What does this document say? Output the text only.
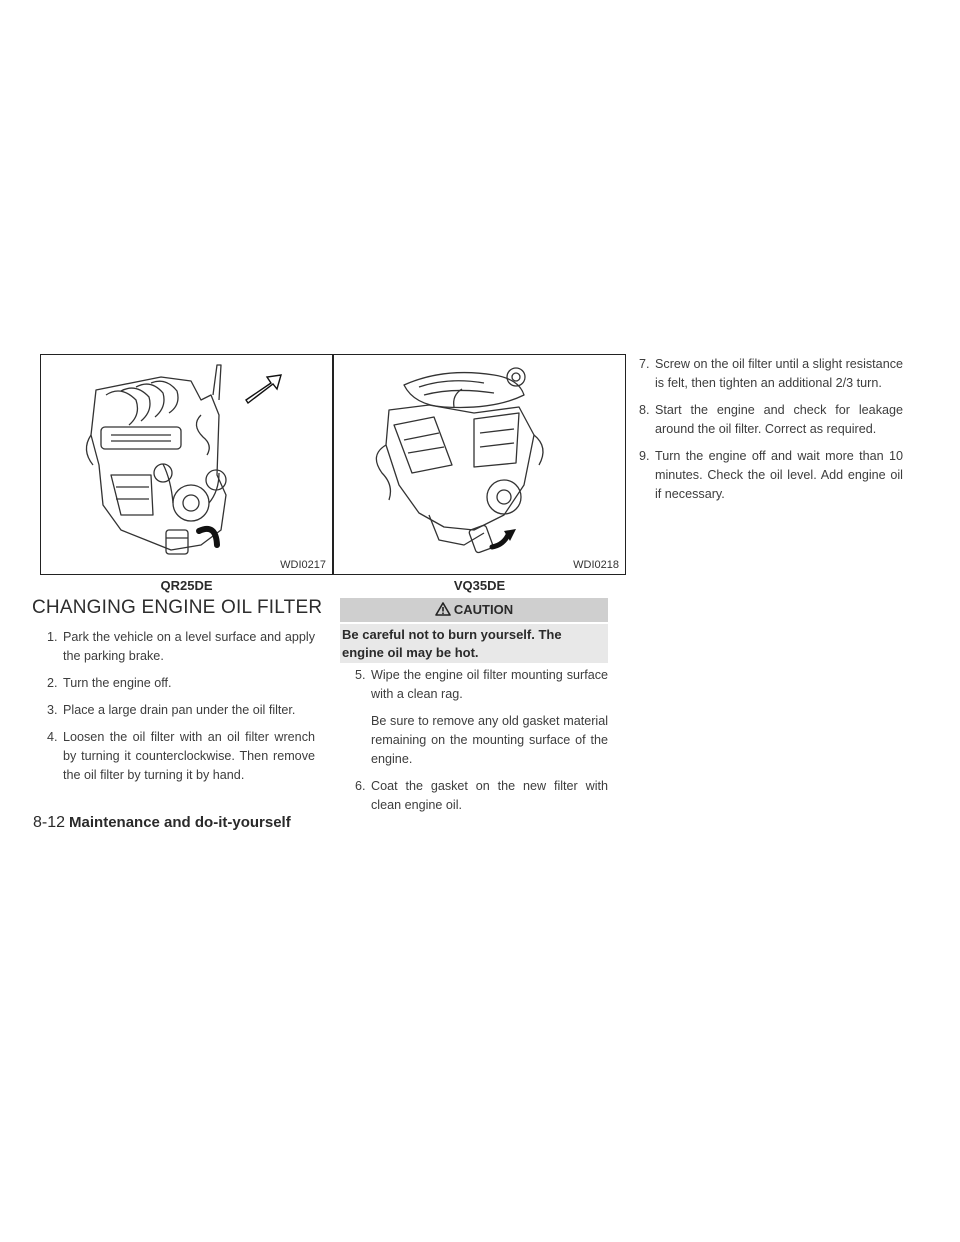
WDI0217
QR25DE
WDI0218
VQ35DE
CHANGING ENGINE OIL FILTER
1. Park the vehicle on a level surface and apply the parking brake.
2. Turn the engine off.
3. Place a large drain pan under the oil filter.
4. Loosen the oil filter with an oil filter wrench by turning it counterclockwise. Then remove the oil filter by turning it by hand.
CAUTION
Be careful not to burn yourself. The engine oil may be hot.
5. Wipe the engine oil filter mounting surface with a clean rag.
Be sure to remove any old gasket material remaining on the mounting surface of the engine.
6. Coat the gasket on the new filter with clean engine oil.
7. Screw on the oil filter until a slight resistance is felt, then tighten an additional 2/3 turn.
8. Start the engine and check for leakage around the oil filter. Correct as required.
9. Turn the engine off and wait more than 10 minutes. Check the oil level. Add engine oil if necessary.
8-12 Maintenance and do-it-yourself
